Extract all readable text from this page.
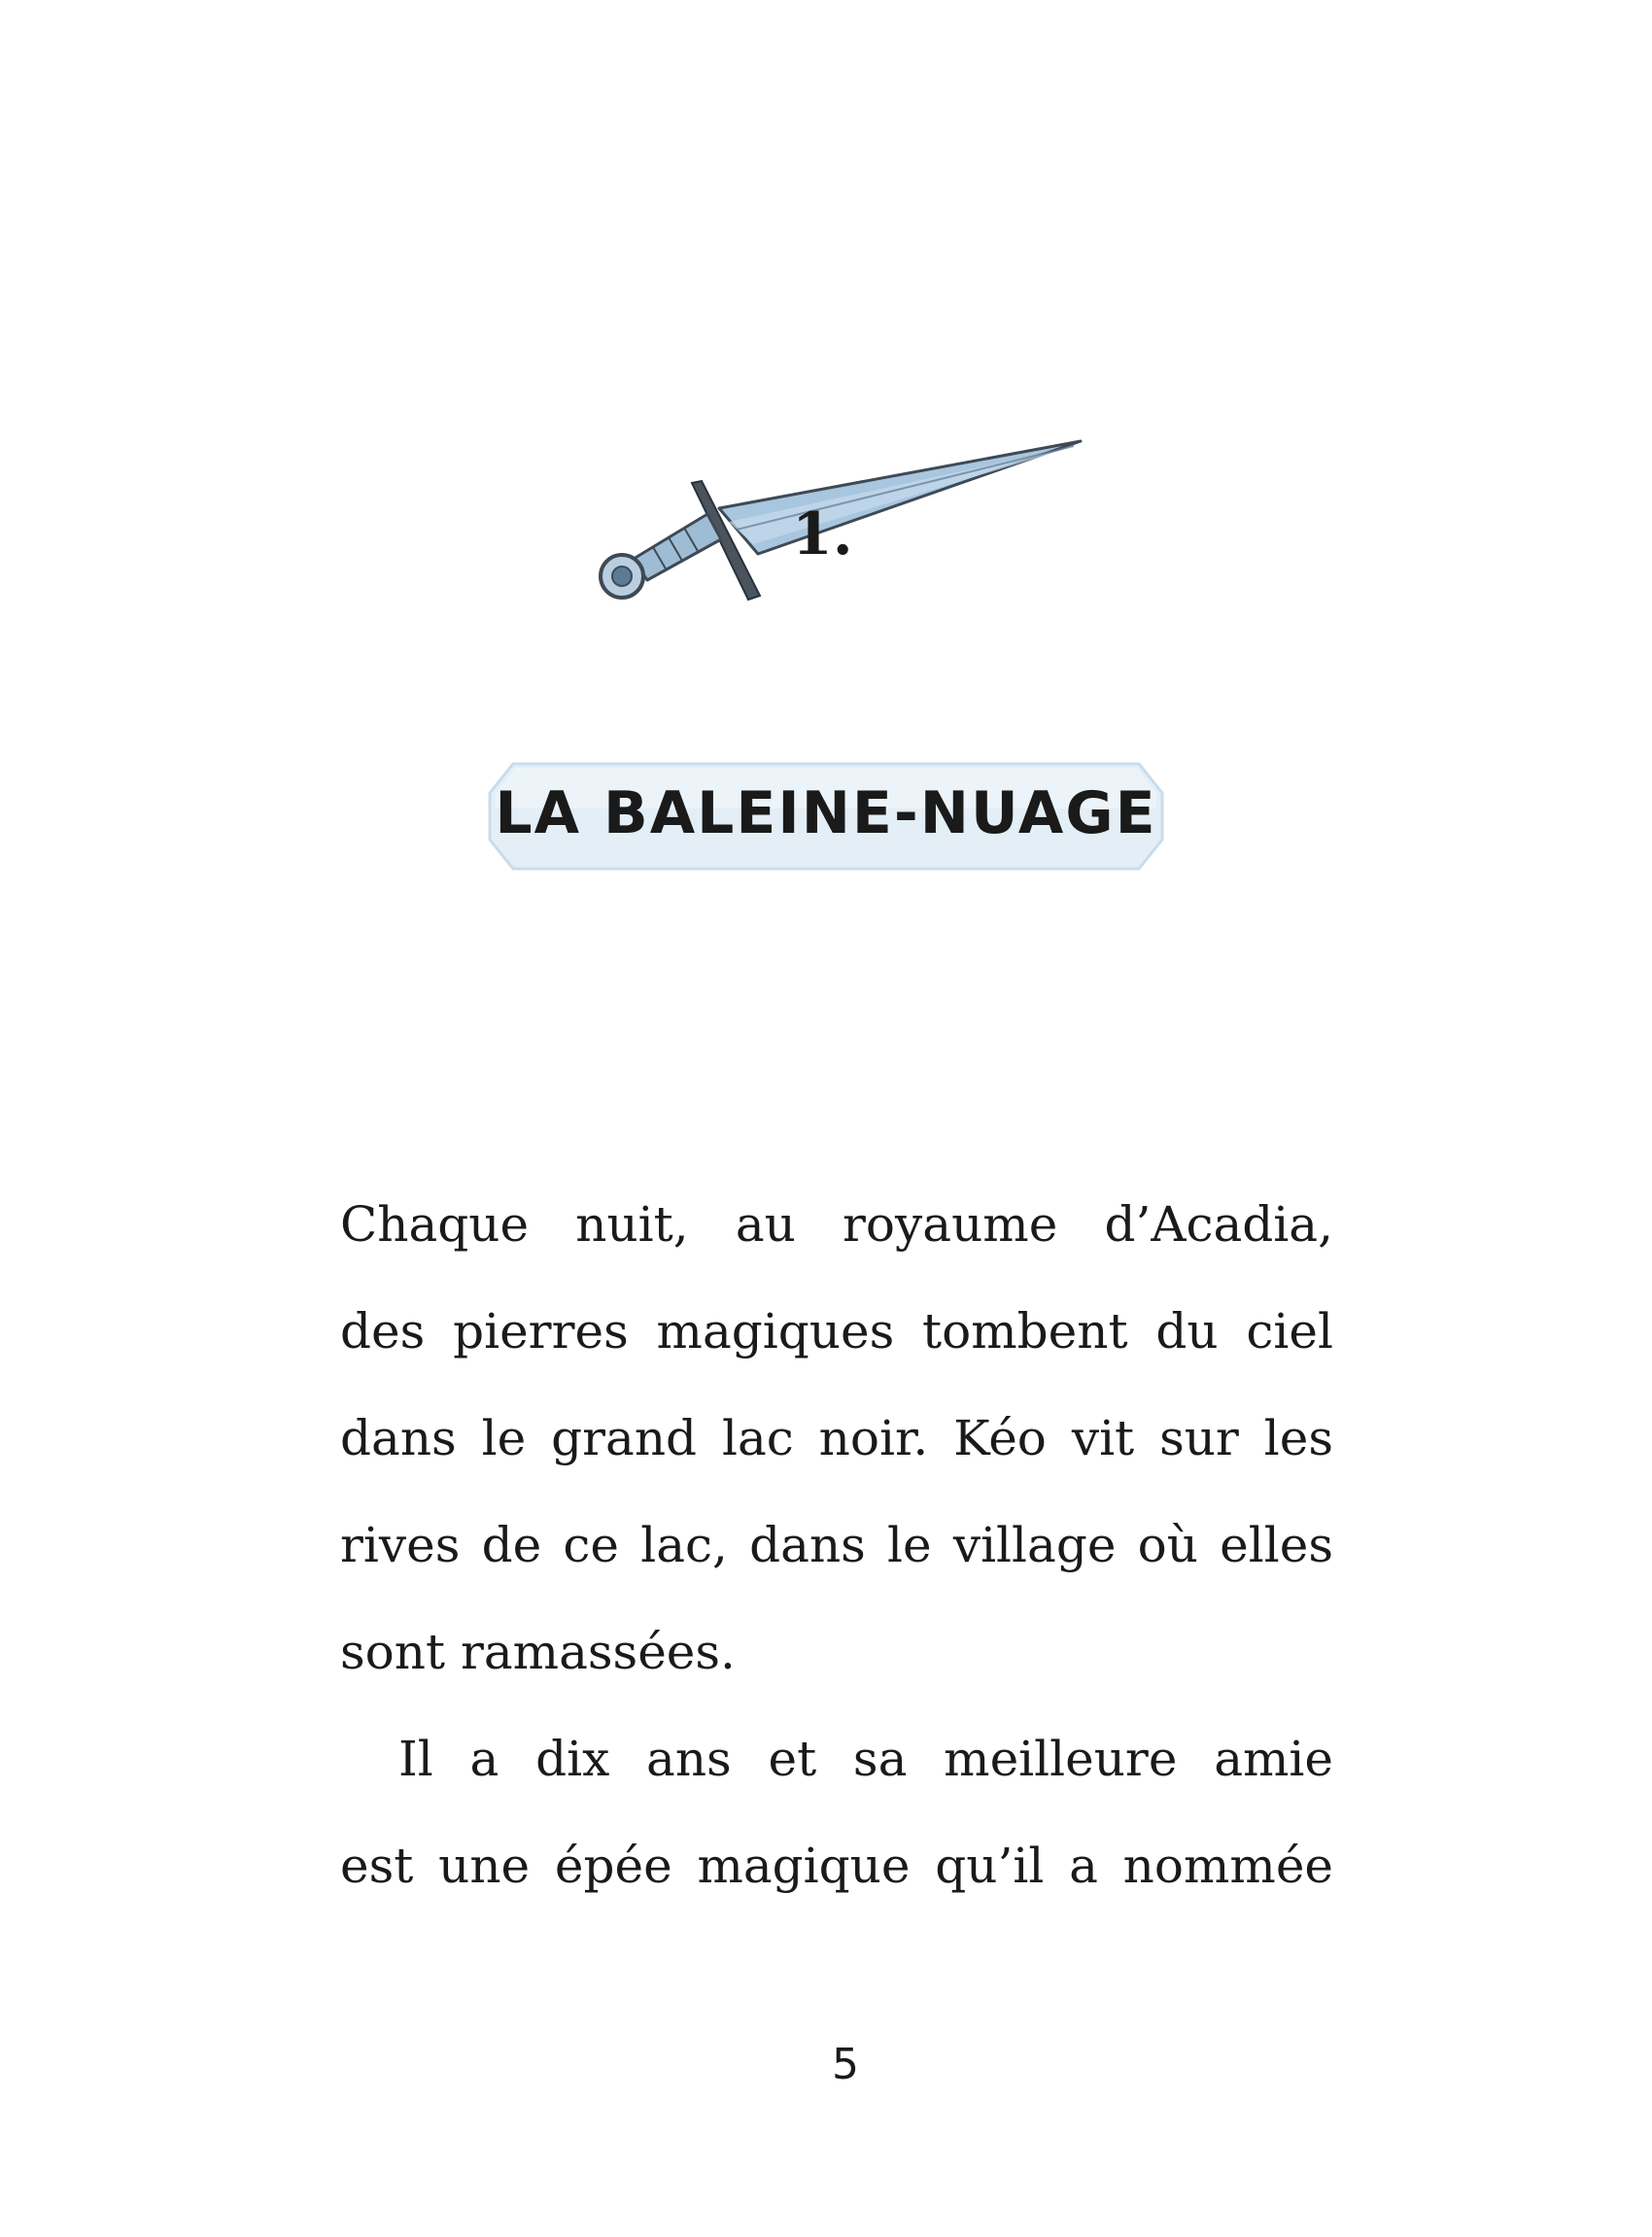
1.
LA BALEINE-NUAGE
Chaque nuit, au royaume d’Acadia,
des pierres magiques tombent du ciel
dans le grand lac noir. Kéo vit sur les
rives de ce lac, dans le village où elles
sont ramassées.
Il a dix ans et sa meilleure amie
est une épée magique qu’il a nommée
5
